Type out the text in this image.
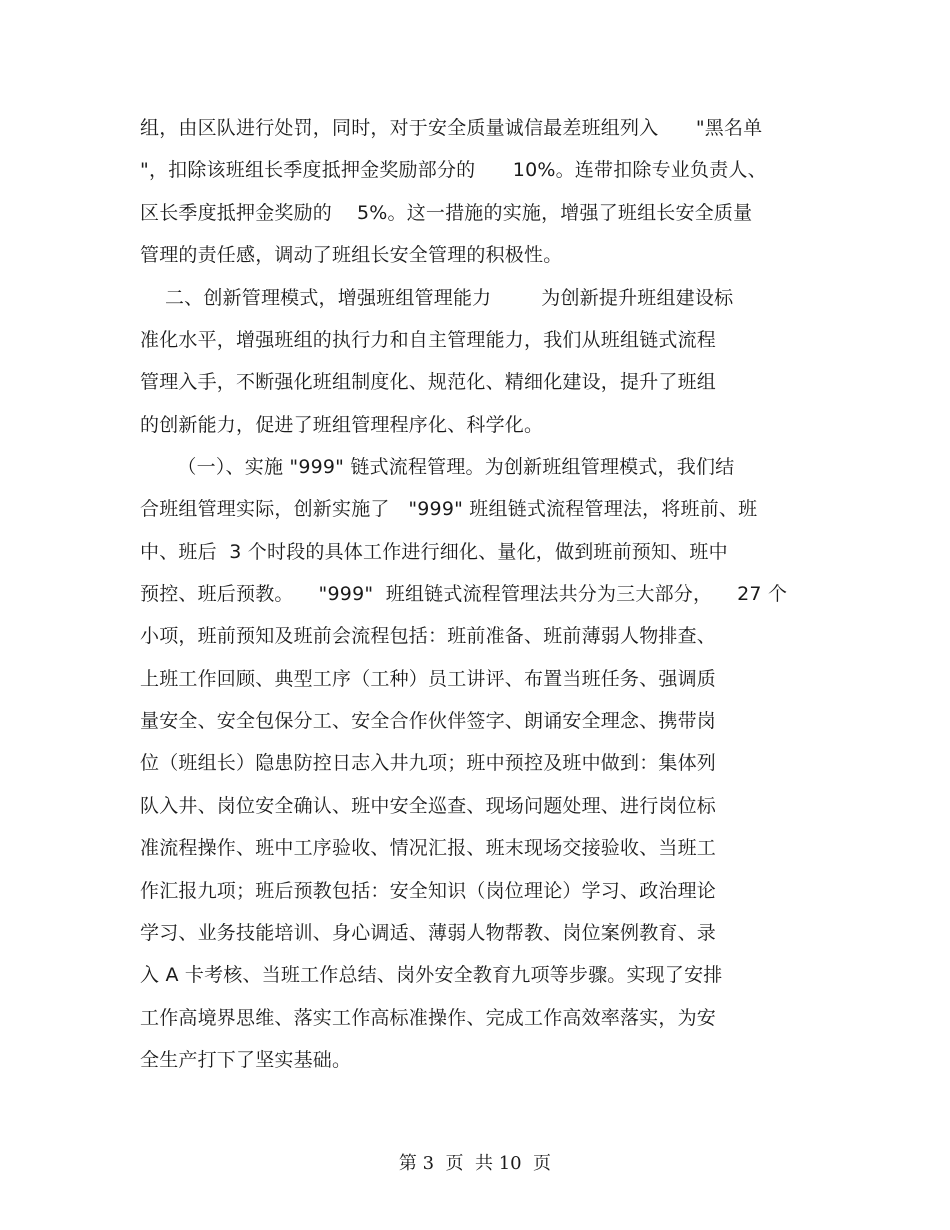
组，由区队进行处罚，同时，对于安全质量诚信最差班组列入      "黑名单
"，扣除该班组长季度抵押金奖励部分的      10%。连带扣除专业负责人、
区长季度抵押金奖励的    5%。这一措施的实施，增强了班组长安全质量
管理的责任感，调动了班组长安全管理的积极性。
二、创新管理模式，增强班组管理能力        为创新提升班组建设标
准化水平，增强班组的执行力和自主管理能力，我们从班组链式流程
管理入手，不断强化班组制度化、规范化、精细化建设，提升了班组
的创新能力，促进了班组管理程序化、科学化。
（一）、实施 "999" 链式流程管理。为创新班组管理模式，我们结
合班组管理实际，创新实施了   "999" 班组链式流程管理法，将班前、班
中、班后  3 个时段的具体工作进行细化、量化，做到班前预知、班中
预控、班后预教。    "999"  班组链式流程管理法共分为三大部分，    27 个
小项，班前预知及班前会流程包括：班前准备、班前薄弱人物排查、
上班工作回顾、典型工序（工种）员工讲评、布置当班任务、强调质
量安全、安全包保分工、安全合作伙伴签字、朗诵安全理念、携带岗
位（班组长）隐患防控日志入井九项；班中预控及班中做到：集体列
队入井、岗位安全确认、班中安全巡查、现场问题处理、进行岗位标
准流程操作、班中工序验收、情况汇报、班末现场交接验收、当班工
作汇报九项；班后预教包括：安全知识（岗位理论）学习、政治理论
学习、业务技能培训、身心调适、薄弱人物帮教、岗位案例教育、录
入 A 卡考核、当班工作总结、岗外安全教育九项等步骤。实现了安排
工作高境界思维、落实工作高标准操作、完成工作高效率落实，为安
全生产打下了坚实基础。
第 3  页  共 10  页
